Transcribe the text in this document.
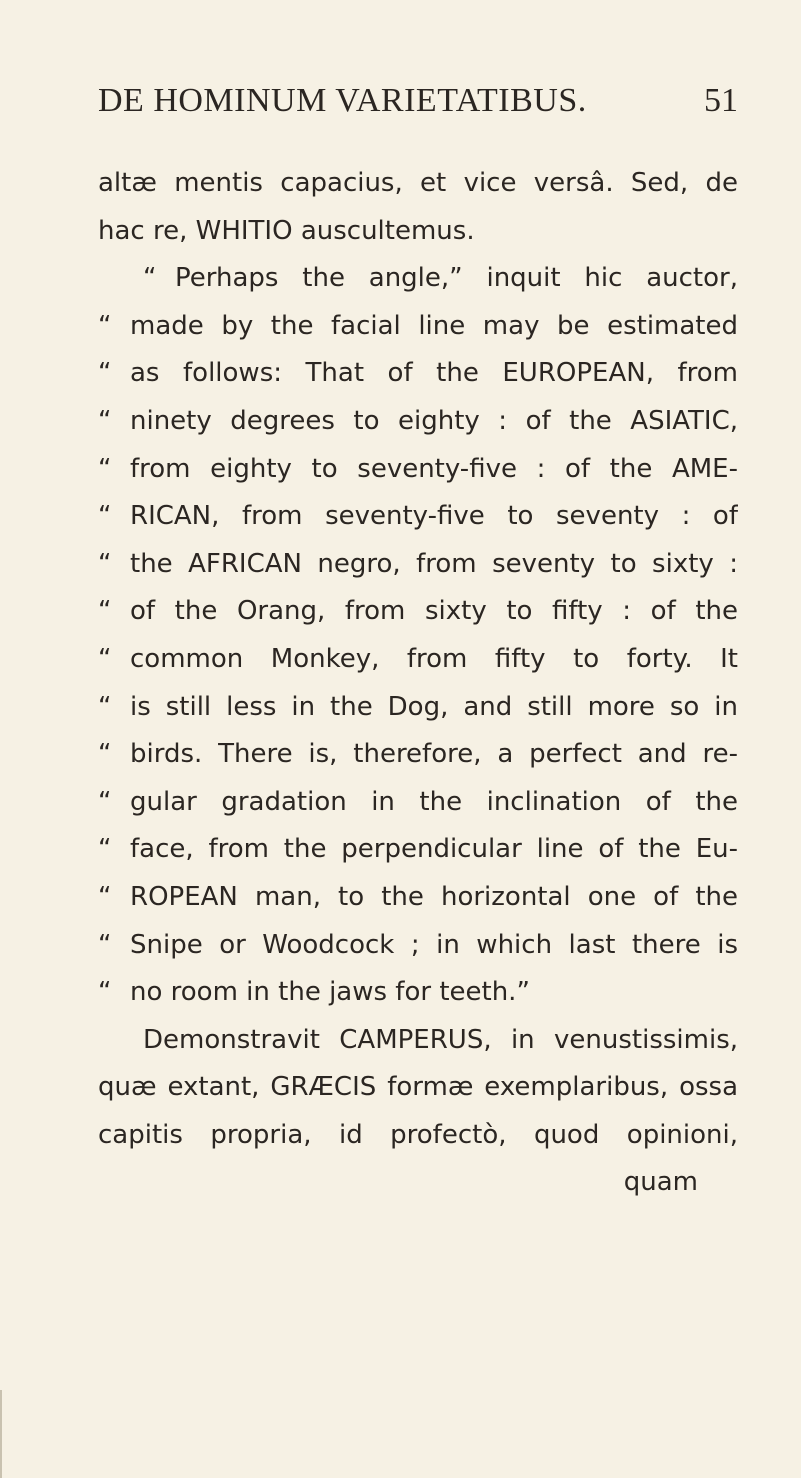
DE HOMINUM VARIETATIBUS.	51
altæ mentis capacius, et vice versâ. Sed, de
hac re, WHITIO auscultemus.
“ Perhaps the angle,” inquit hic auctor,
“ made by the facial line may be estimated
“ as follows: That of the EUROPEAN, from
“ ninety degrees to eighty : of the ASIATIC,
“ from eighty to seventy-five : of the AME-
“ RICAN, from seventy-five to seventy : of
“ the AFRICAN negro, from seventy to sixty :
“ of the Orang, from sixty to fifty : of the
“ common Monkey, from fifty to forty. It
“ is still less in the Dog, and still more so in
“ birds. There is, therefore, a perfect and re-
“ gular gradation in the inclination of the
“ face, from the perpendicular line of the Eu-
“ ROPEAN man, to the horizontal one of the
“ Snipe or Woodcock ; in which last there is
“ no room in the jaws for teeth.”
Demonstravit CAMPERUS, in venustissimis,
quæ extant, GRÆCIS formæ exemplaribus, ossa
capitis propria, id profectò, quod opinioni,
quam
